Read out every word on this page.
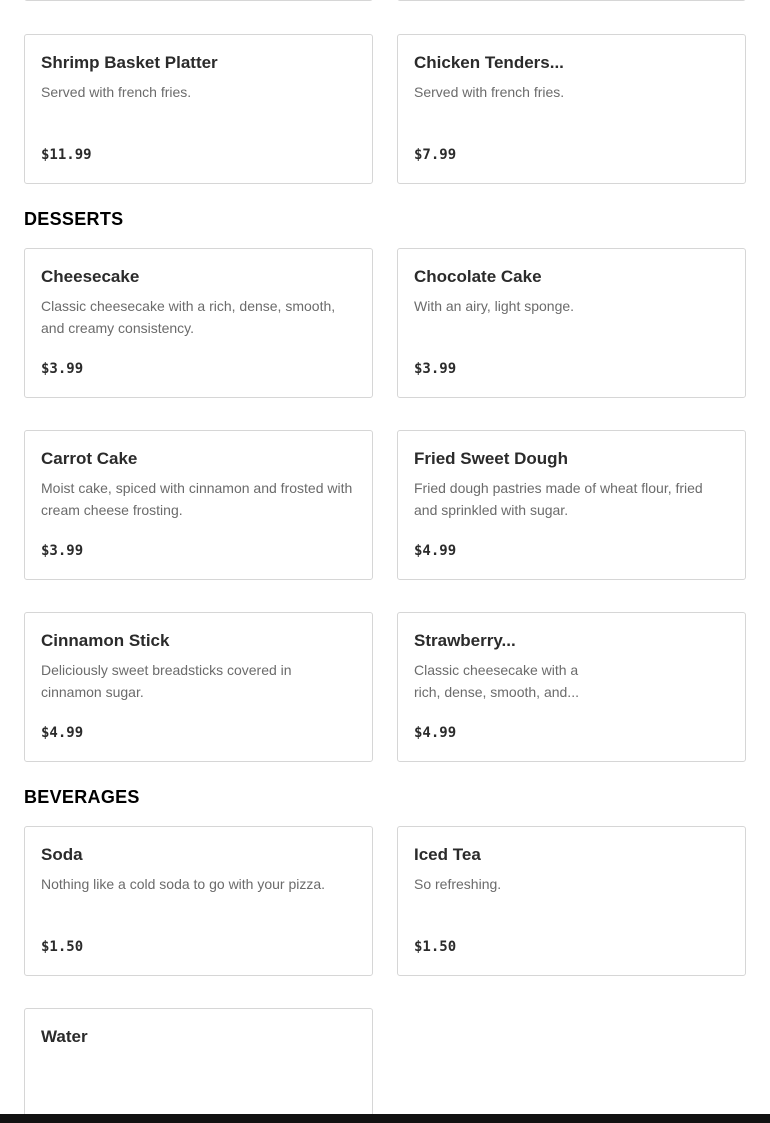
Shrimp Basket Platter
Served with french fries.
$11.99
Chicken Tenders...
Served with french fries.
$7.99
DESSERTS
Cheesecake
Classic cheesecake with a rich, dense, smooth, and creamy consistency.
$3.99
Chocolate Cake
With an airy, light sponge.
$3.99
Carrot Cake
Moist cake, spiced with cinnamon and frosted with cream cheese frosting.
$3.99
Fried Sweet Dough
Fried dough pastries made of wheat flour, fried and sprinkled with sugar.
$4.99
Cinnamon Stick
Deliciously sweet breadsticks covered in cinnamon sugar.
$4.99
Strawberry...
Classic cheesecake with a rich, dense, smooth, and...
$4.99
BEVERAGES
Soda
Nothing like a cold soda to go with your pizza.
$1.50
Iced Tea
So refreshing.
$1.50
Water
